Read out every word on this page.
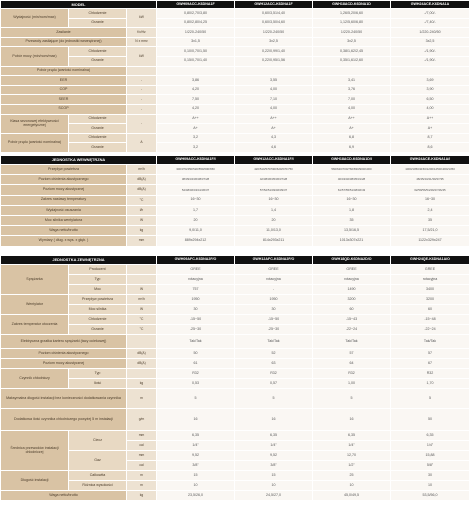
MODEL			GWH09ACC-K6DNA1F	GWH12ACC-K6DNA1F	GWH18ACD-K6DNA1D	GWH24ACE-K6DNA1A
Wydajność (min/nom/max)	Chłodzenie	kW	0,80/2,70/3,80	0,60/3,51/4,40	1,26/5,20/6,60	-/7,00/-
	Grzanie		0,80/2,80/4,25	0,60/3,50/4,60	1,12/5,60/6,80	-/7,40/-
Zasilanie		f/v/Hz	1/220-240/50	1/220-240/50	1/220-240/50	1/220-240/50
Przewody zasilające (do jednostki wewnętrznej)		N x mm²	3x1,5	3x2,5	3x2,5	3x2,5
Pobór mocy (min/nom/max)	Chłodzenie	kW	0,10/0,70/1,50	0,22/0,99/1,40	0,38/1,62/2,45	-/1,90/-
	Grzanie		0,15/0,70/1,40	0,22/0,95/1,56	0,35/1,61/2,60	-/1,90/-
Pobór prądu (wartość nominalna)						
EER		-	3,86	3,55	3,41	3,69
COP		-	4,20	4,00	3,76	3,90
SEER		-	7,50	7,10	7,00	6,50
SCOP		-	4,20	4,00	4,00	4,00
Klasa sezonowej efektywności energetycznej	Chłodzenie	-	A++	A++	A++	A++
	Grzanie		A+	A+	A+	A+
Pobór prądu (wartość nominalna)	Chłodzenie	A	3,2	4,3	6,8	8,7
	Grzanie		3,2	4,6	6,9	8,6
JEDNOSTKA WEWNĘTRZNA		GWH09ACC-K6DNA1F/I	GWH12ACC-K6DNA1F/I	GWH18ACD-K6DNA1D/I	GWH24ACE-K6DNA1A/I
Przepływ powietrza	m³/h	300/370/450/520/550/600/650	420/510/570/590/620/670/750	560/620/700/760/830/900/1000	1000/1050/1150/1200/1250/1300/1350
Poziom ciśnienia akustycznego	dB(A)	38/39/34/36/38/37/28	42/38/36/35/36/37/28	46/43/40/38/35/31/28	48/45/43/41/39/37/35
Poziom mocy akustycznej	dB(A)	54/48/46/43/41/36/37	57/52/51/49/46/39/37	61/57/55/51/48/46/43	62/59/56/54/49/47/46/45
Zakres nastawy temperatury	°C	16~30	16~30	16~30	16~30
Wydajność osuszania	l/h	1,7	1,4	1,8	2,4
Moc silnika wentylatora	W	20	20	35	35
Waga netto/brutto	kg	9,0/11,0	11,0/13,0	13,5/16,5	17,5/21,0
Wymiary ( dług. x wys. x głęb. )	mm	889x294x212	814x293x211	1013x307x221	1122x329x247
JEDNOSTKA ZEWNĘTRZNA			GWH09AFC-K6DNA2F/O	GWH12AFC-K6DNA2F/O	GWH18QD-K6DNA2D/O	GWH24QE-K6DNA1A/O
Sprężarka	Producent		GREE	GREE	GREE	GREE
	Typ		rotacyjna	rotacyjna	rotacyjna	rotacyjna
	Moc	W	757	-	1490	3400
Wentylator	Przepływ powietrza	m³/h	1950	1950	3200	3200
	Moc silnika	W	30	30	60	60
Zakres temperatur otoczenia	Chłodzenie	°C	-15~50	-15~50	-15~43	-15~48
	Grzanie	°C	-25~30	-25~30	-22~24	-22~24
Elektryczna grzałka karteru sprężarki (tacy ociekowej)			Tak/Tak	Tak/Tak	Tak/Tak	Tak/Tak
Poziom ciśnienia akustycznego		dB(A)	50	52	57	57
Poziom mocy akustycznej		dB(A)	61	63	64	67
Czynnik chłodniczy	Typ		R32	R32	R32	R32
	Ilość	kg	0,53	0,57	1,00	1,70
Maksymalna długość instalacji bez konieczności dodatkowania czynnika		m	5	5	5	5
Dodatkowa ilość czynnika chłodniczego powyżej 5 m instalacji		g/m	16	16	16	50
Średnica przewodów instalacji chłodniczej	Ciecz	mm	6,35	6,35	6,35	6,35
		cal	1/4"	1/4"	1/4"	1/4"
	Gaz	mm	9,52	9,52	12,70	15,88
		cal	3/8"	3/8"	1/2"	5/8"
Długość instalacji	Całkowita	m	15	15	25	30
	Różnica wysokości	m	10	10	10	10
Waga netto/brutto		kg	23,5/26,0	24,5/27,0	45,0/49,5	53,5/56,0
